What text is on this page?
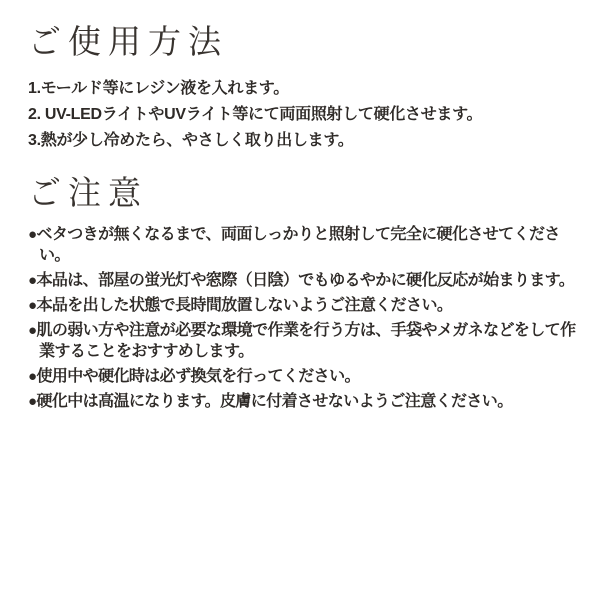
ご使用方法

1.モールド等にレジン液を入れます。

2. UV-LEDライトやUVライト等にて両面照射して硬化させます。

3.熱が少し冷めたら、やさしく取り出します。

ご注意

●ベタつきが無くなるまで、両面しっかりと照射して完全に硬化させてください。

●本品は、部屋の蛍光灯や窓際（日陰）でもゆるやかに硬化反応が始まります。

●本品を出した状態で長時間放置しないようご注意ください。

●肌の弱い方や注意が必要な環境で作業を行う方は、手袋やメガネなどをして作業することをおすすめします。

●使用中や硬化時は必ず換気を行ってください。

●硬化中は高温になります。皮膚に付着させないようご注意ください。
